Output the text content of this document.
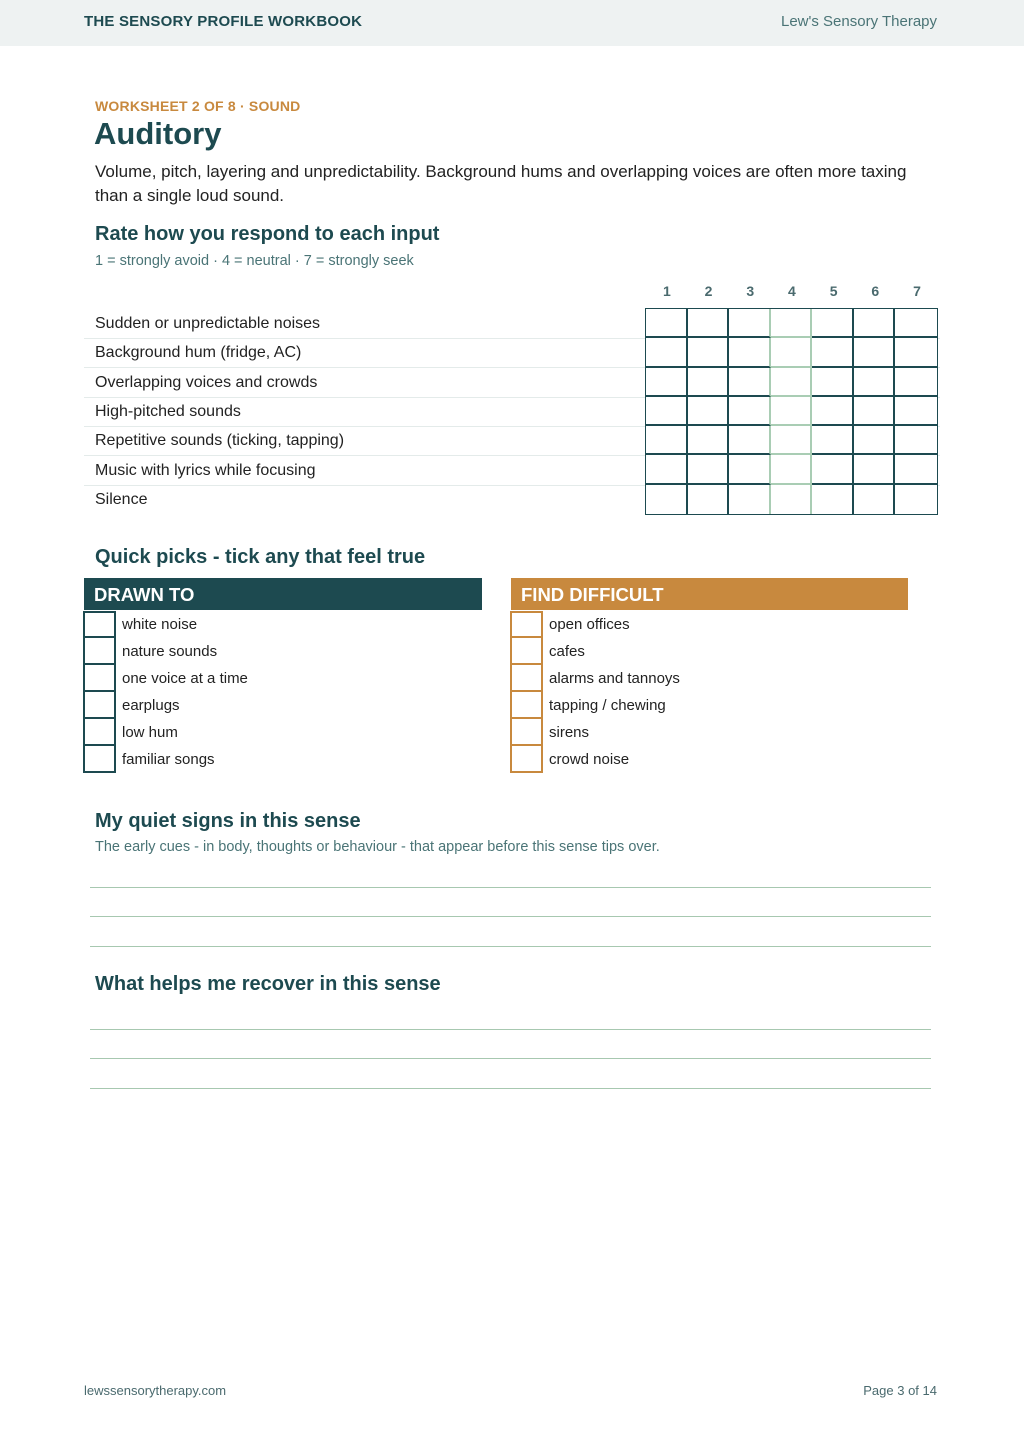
THE SENSORY PROFILE WORKBOOK	Lew's Sensory Therapy
WORKSHEET 2 OF 8 · SOUND
Auditory

Volume, pitch, layering and unpredictability. Background hums and overlapping voices are often more taxing than a single loud sound.

Rate how you respond to each input

1 = strongly avoid · 4 = neutral · 7 = strongly seek

1	2	3	4	5	6	7
Sudden or unpredictable noises
Background hum (fridge, AC)
Overlapping voices and crowds
High-pitched sounds
Repetitive sounds (ticking, tapping)
Music with lyrics while focusing
Silence
Quick picks - tick any that feel true
DRAWN TO
white noise
nature sounds
one voice at a time
earplugs
low hum
familiar songs
FIND DIFFICULT
open offices
cafes
alarms and tannoys
tapping / chewing
sirens
crowd noise
My quiet signs in this sense

The early cues - in body, thoughts or behaviour - that appear before this sense tips over.

What helps me recover in this sense
lewssensorytherapy.com	Page 3 of 14
